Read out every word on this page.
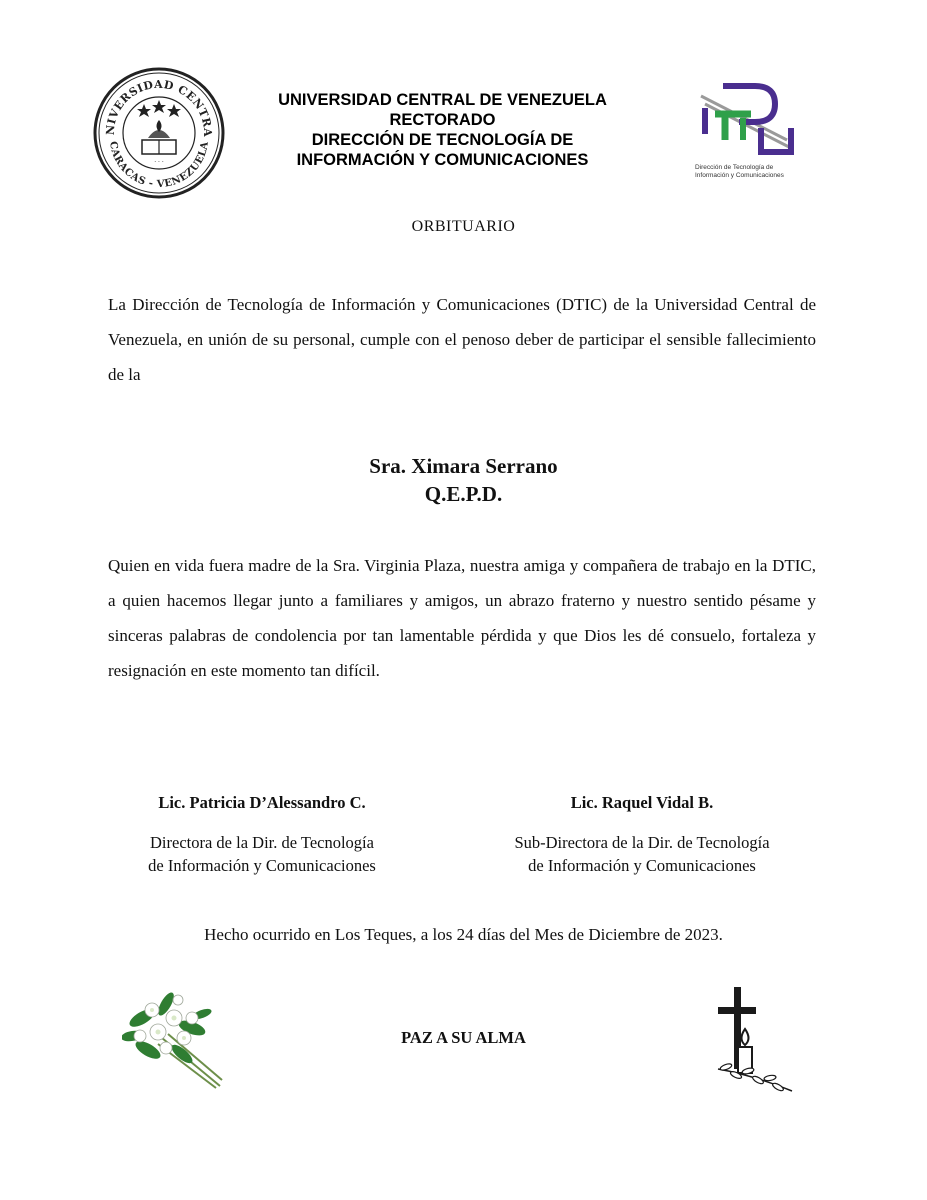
NIVERSIDAD CENTRA
CARACAS - VENEZUELA
· · ·
UNIVERSIDAD CENTRAL DE VENEZUELA
RECTORADO
DIRECCIÓN DE TECNOLOGÍA DE
INFORMACIÓN Y COMUNICACIONES	Dirección de Tecnología de
Información y Comunicaciones
ORBITUARIO

La Dirección de Tecnología de Información y Comunicaciones (DTIC) de la Universidad Central de Venezuela, en unión de su personal, cumple con el penoso deber de participar el sensible fallecimiento de la

Sra. Ximara Serrano
Q.E.P.D.

Quien en vida fuera madre de la Sra. Virginia Plaza, nuestra amiga y compañera de trabajo en la DTIC, a quien hacemos llegar junto a familiares y amigos, un abrazo fraterno y nuestro sentido pésame y sinceras palabras de condolencia por tan lamentable pérdida y que Dios les dé consuelo, fortaleza y resignación en este momento tan difícil.

Lic. Patricia D’Alessandro C.
Directora de la Dir. de Tecnología
de Información y Comunicaciones
Lic. Raquel Vidal B.
Sub-Directora de la Dir. de Tecnología
de Información y Comunicaciones
Hecho ocurrido en Los Teques, a los 24 días del Mes de Diciembre de 2023.
PAZ A SU ALMA
